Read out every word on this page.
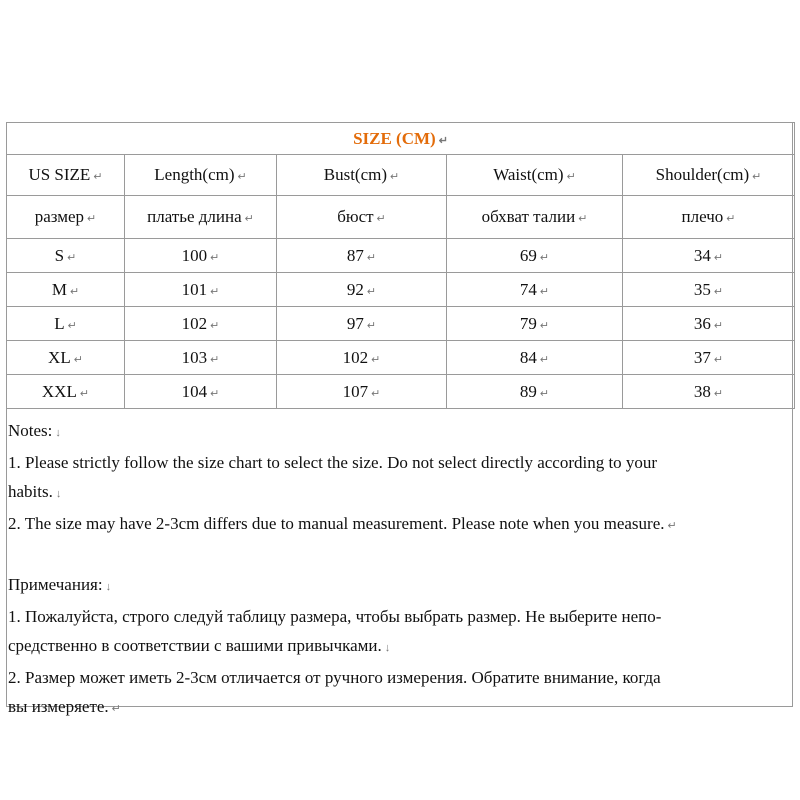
SIZE (CM) ↵				
US SIZE ↵	Length(cm) ↵	Bust(cm) ↵	Waist(cm) ↵	Shoulder(cm) ↵
размер ↵	платье длина ↵	бюст ↵	обхват талии ↵	плечо ↵
S ↵	100 ↵	87 ↵	69 ↵	34 ↵
M ↵	101 ↵	92 ↵	74 ↵	35 ↵
L ↵	102 ↵	97 ↵	79 ↵	36 ↵
XL ↵	103 ↵	102 ↵	84 ↵	37 ↵
XXL ↵	104 ↵	107 ↵	89 ↵	38 ↵

Notes: ↓

1. Please strictly follow the size chart to select the size. Do not select directly according to your

habits. ↓

2. The size may have 2-3cm differs due to manual measurement. Please note when you measure. ↵

Примечания: ↓

1. Пожалуйста, строго следуй таблицу размера, чтобы выбрать размер. Не выберите непо-

средственно в соответствии с вашими привычками. ↓

2. Размер может иметь 2-3см отличается от ручного измерения. Обратите внимание, когда

вы измеряете. ↵
